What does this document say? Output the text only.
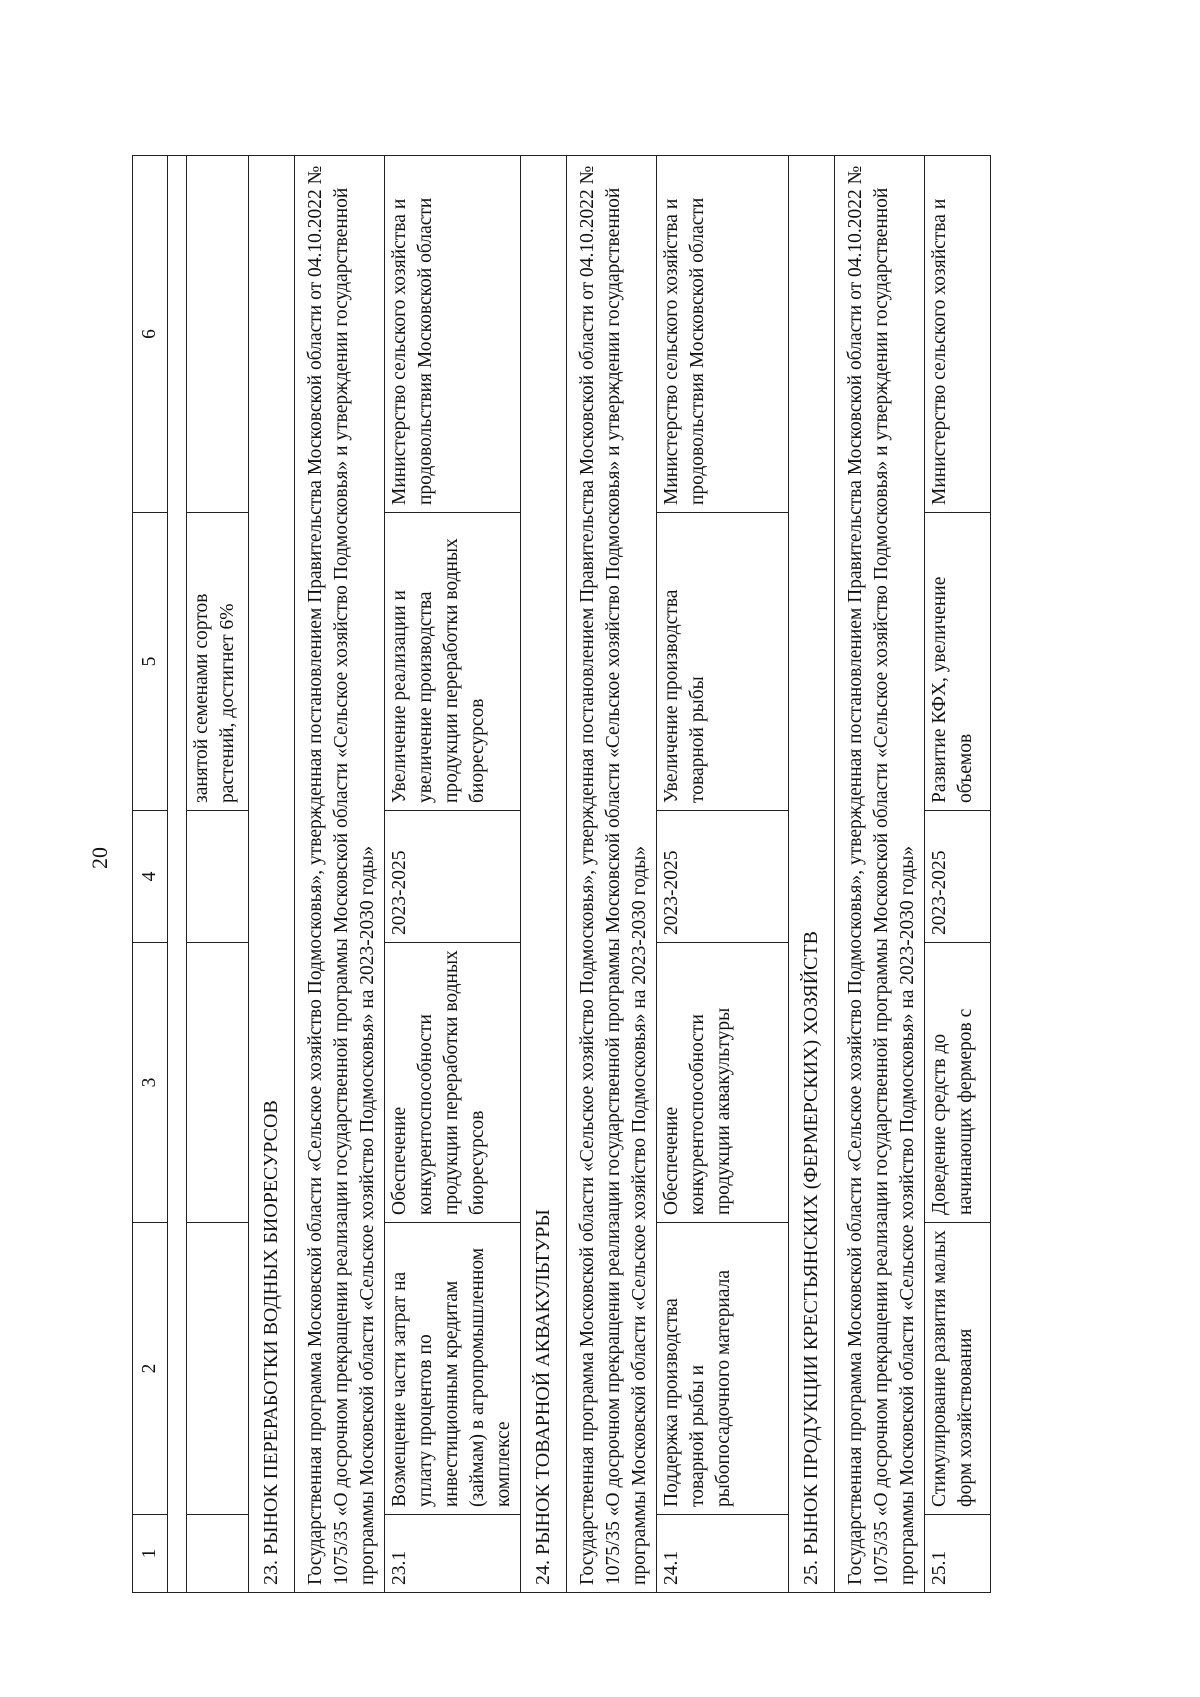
20
1	2	3	4	5	6

				занятой семенами сортов растений, достигнет 6%	
23. РЫНОК ПЕРЕРАБОТКИ ВОДНЫХ БИОРЕСУРСОВ					
Государственная программа Московской области «Сельское хозяйство Подмосковья», утвержденная постановлением Правительства Московской области от 04.10.2022 № 1075/35 «О досрочном прекращении реализации государственной программы Московской области «Сельское хозяйство Подмосковья» и утверждении государственной программы Московской области «Сельское хозяйство Подмосковья» на 2023-2030 годы»					
23.1	Возмещение части затрат на уплату процентов по инвестиционным кредитам (займам) в агропромышленном комплексе	Обеспечение конкурентоспособности продукции переработки водных биоресурсов	2023-2025	Увеличение реализации и увеличение производства продукции переработки водных биоресурсов	Министерство сельского хозяйства и продовольствия Московской области
24. РЫНОК ТОВАРНОЙ АКВАКУЛЬТУРЫ					
Государственная программа Московской области «Сельское хозяйство Подмосковья», утвержденная постановлением Правительства Московской области от 04.10.2022 № 1075/35 «О досрочном прекращении реализации государственной программы Московской области «Сельское хозяйство Подмосковья» и утверждении государственной программы Московской области «Сельское хозяйство Подмосковья» на 2023-2030 годы»					
24.1	Поддержка производства товарной рыбы и рыбопосадочного материала	Обеспечение конкурентоспособности продукции аквакультуры	2023-2025	Увеличение производства товарной рыбы	Министерство сельского хозяйства и продовольствия Московской области
25. РЫНОК ПРОДУКЦИИ КРЕСТЬЯНСКИХ (ФЕРМЕРСКИХ) ХОЗЯЙСТВ					
Государственная программа Московской области «Сельское хозяйство Подмосковья», утвержденная постановлением Правительства Московской области от 04.10.2022 № 1075/35 «О досрочном прекращении реализации государственной программы Московской области «Сельское хозяйство Подмосковья» и утверждении государственной программы Московской области «Сельское хозяйство Подмосковья» на 2023-2030 годы»					
25.1	Стимулирование развития малых форм хозяйствования	Доведение средств до начинающих фермеров с	2023-2025	Развитие КФХ, увеличение объемов	Министерство сельского хозяйства и
